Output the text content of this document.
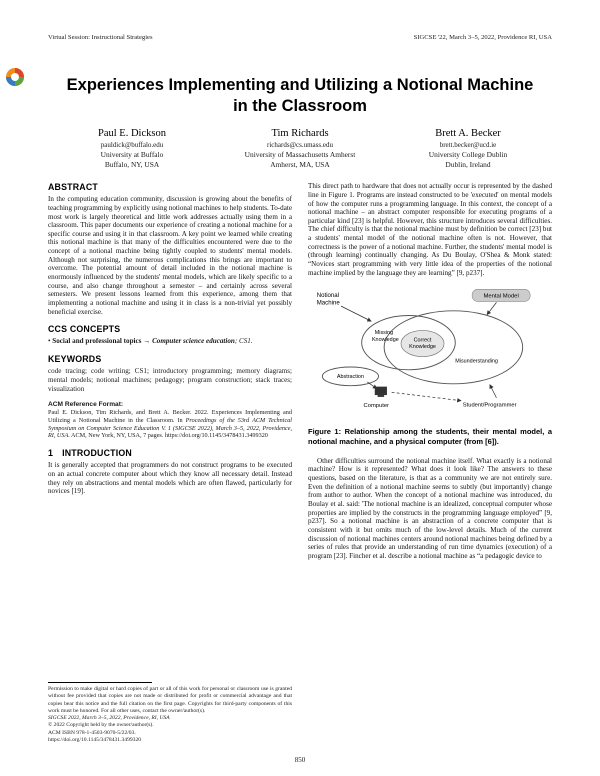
Virtual Session: Instructional Strategies	SIGCSE '22, March 3–5, 2022, Providence RI, USA
Experiences Implementing and Utilizing a Notional Machine in the Classroom
Paul E. Dickson
pauldick@buffalo.edu
University at Buffalo
Buffalo, NY, USA
Tim Richards
richards@cs.umass.edu
University of Massachusetts Amherst
Amherst, MA, USA
Brett A. Becker
brett.becker@ucd.ie
University College Dublin
Dublin, Ireland
ABSTRACT

In the computing education community, discussion is growing about the benefits of teaching programming by explicitly using notional machines to help students. To-date most work is largely theoretical and little work addresses actually using them in a classroom. This paper documents our experience of creating a notional machine for a specific course and using it in that classroom. A key point we learned while creating this notional machine is that many of the difficulties encountered were due to the concept of a notional machine being tightly coupled to students' mental models. Although not surprising, the numerous complications this brings are important to overcome. The potential amount of detail included in the notional machine is enormously influenced by the students' mental models, which are likely specific to a course, and also change throughout a semester – and certainly across several semesters. We present lessons learned from this experience, among them that implementing a notional machine and using it in class is a non-trivial yet possibly beneficial exercise.

CCS CONCEPTS

• Social and professional topics → Computer science education; CS1.

KEYWORDS

code tracing; code writing; CS1; introductory programming; memory diagrams; mental models; notional machines; pedagogy; program construction; stack traces; visualization

ACM Reference Format:

Paul E. Dickson, Tim Richards, and Brett A. Becker. 2022. Experiences Implementing and Utilizing a Notional Machine in the Classroom. In Proceedings of the 53rd ACM Technical Symposium on Computer Science Education V. 1 (SIGCSE 2022), March 3–5, 2022, Providence, RI, USA. ACM, New York, NY, USA, 7 pages. https://doi.org/10.1145/3478431.3499320

1 INTRODUCTION

It is generally accepted that programmers do not construct programs to be executed on an actual concrete computer about which they know all necessary detail. Instead they rely on abstractions and mental models which are often flawed, particularly for novices [19].

Permission to make digital or hard copies of part or all of this work for personal or classroom use is granted without fee provided that copies are not made or distributed for profit or commercial advantage and that copies bear this notice and the full citation on the first page. Copyrights for third-party components of this work must be honored. For all other uses, contact the owner/author(s).

SIGCSE 2022, March 3–5, 2022, Providence, RI, USA
© 2022 Copyright held by the owner/author(s).
ACM ISBN 978-1-4503-9070-5/22/03.
https://doi.org/10.1145/3478431.3499320

This direct path to hardware that does not actually occur is represented by the dashed line in Figure 1. Programs are instead constructed to be 'executed' on mental models of how the computer runs a programming language. In this context, the concept of a notional machine – an abstract computer responsible for executing programs of a particular kind [23] is helpful. However, this structure introduces several difficulties. The chief difficulty is that the notional machine must by definition be correct [23] but a students' mental model of the notional machine often is not. However, that correctness is the power of a notional machine. Further, the students' mental model is (through learning) continually changing. As Du Boulay, O'Shea & Monk stated: “Novices start programming with very little idea of the properties of the notional machine implied by the language they are learning” [9, p237].

Notional
Machine
Mental Model
Missing
Knowledge	Correct
Knowledge
Misunderstanding
Abstraction
Computer	Student/Programmer

Figure 1: Relationship among the students, their mental model, a notional machine, and a physical computer (from [6]).

Other difficulties surround the notional machine itself. What exactly is a notional machine? How is it represented? What does it look like? The answers to these questions, based on the literature, is that as a community we are not entirely sure. Even the definition of a notional machine seems to subtly (but importantly) change from author to author. When the concept of a notional machine was introduced, du Boulay et al. said: 'The notional machine is an idealized, conceptual computer whose properties are implied by the constructs in the programming language employed” [9, p237]. So a notional machine is an abstraction of a concrete computer that is consistent with it but omits much of the low-level details. Much of the current discussion of notional machines centers around notional machines being defined by a series of rules that provide an understanding of run time dynamics (execution) of a program [23]. Fincher et al. describe a notional machine as “a pedagogic device to

850
